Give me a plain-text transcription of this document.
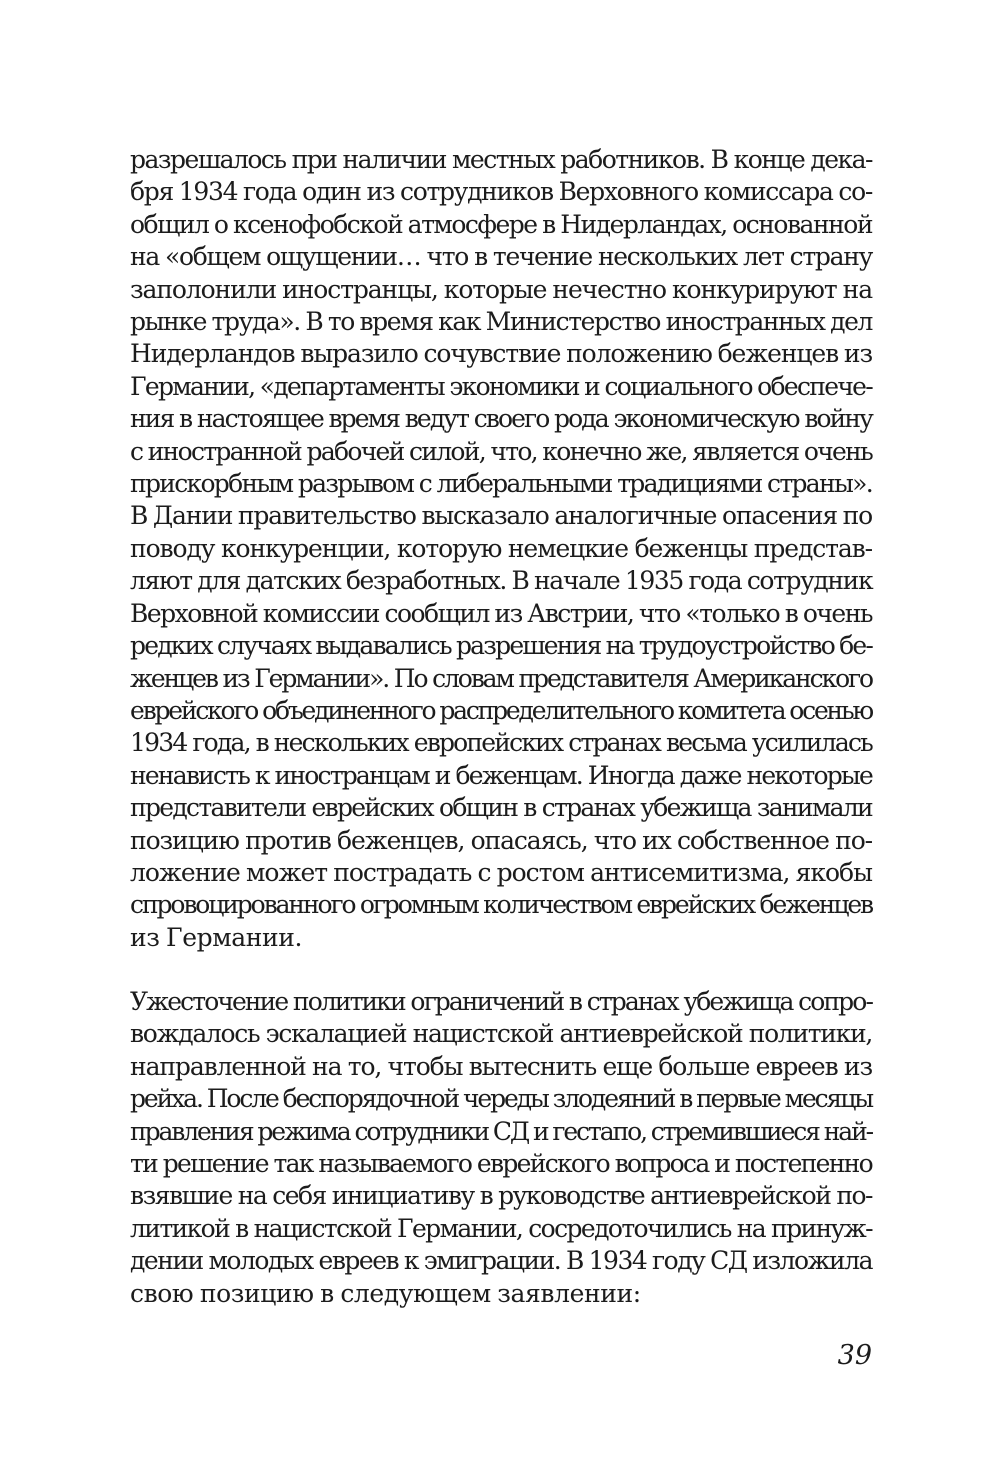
разрешалось при наличии местных работников. В конце дека-
бря 1934 года один из сотрудников Верховного комиссара со-
общил о ксенофобской атмосфере в Нидерландах, основанной
на «общем ощущении… что в течение нескольких лет страну
заполонили иностранцы, которые нечестно конкурируют на
рынке труда». В то время как Министерство иностранных дел
Нидерландов выразило сочувствие положению беженцев из
Германии, «департаменты экономики и социального обеспече-
ния в настоящее время ведут своего рода экономическую войну
с иностранной рабочей силой, что, конечно же, является очень
прискорбным разрывом с либеральными традициями страны».
В Дании правительство высказало аналогичные опасения по
поводу конкуренции, которую немецкие беженцы представ-
ляют для датских безработных. В начале 1935 года сотрудник
Верховной комиссии сообщил из Австрии, что «только в очень
редких случаях выдавались разрешения на трудоустройство бе-
женцев из Германии». По словам представителя Американского
еврейского объединенного распределительного комитета осенью
1934 года, в нескольких европейских странах весьма усилилась
ненависть к иностранцам и беженцам. Иногда даже некоторые
представители еврейских общин в странах убежища занимали
позицию против беженцев, опасаясь, что их собственное по-
ложение может пострадать с ростом антисемитизма, якобы
спровоцированного огромным количеством еврейских беженцев
из Германии.
Ужесточение политики ограничений в странах убежища сопро-
вождалось эскалацией нацистской антиеврейской политики,
направленной на то, чтобы вытеснить еще больше евреев из
рейха. После беспорядочной череды злодеяний в первые месяцы
правления режима сотрудники СД и гестапо, стремившиеся най-
ти решение так называемого еврейского вопроса и постепенно
взявшие на себя инициативу в руководстве антиеврейской по-
литикой в нацистской Германии, сосредоточились на принуж-
дении молодых евреев к эмиграции. В 1934 году СД изложила
свою позицию в следующем заявлении:
39
